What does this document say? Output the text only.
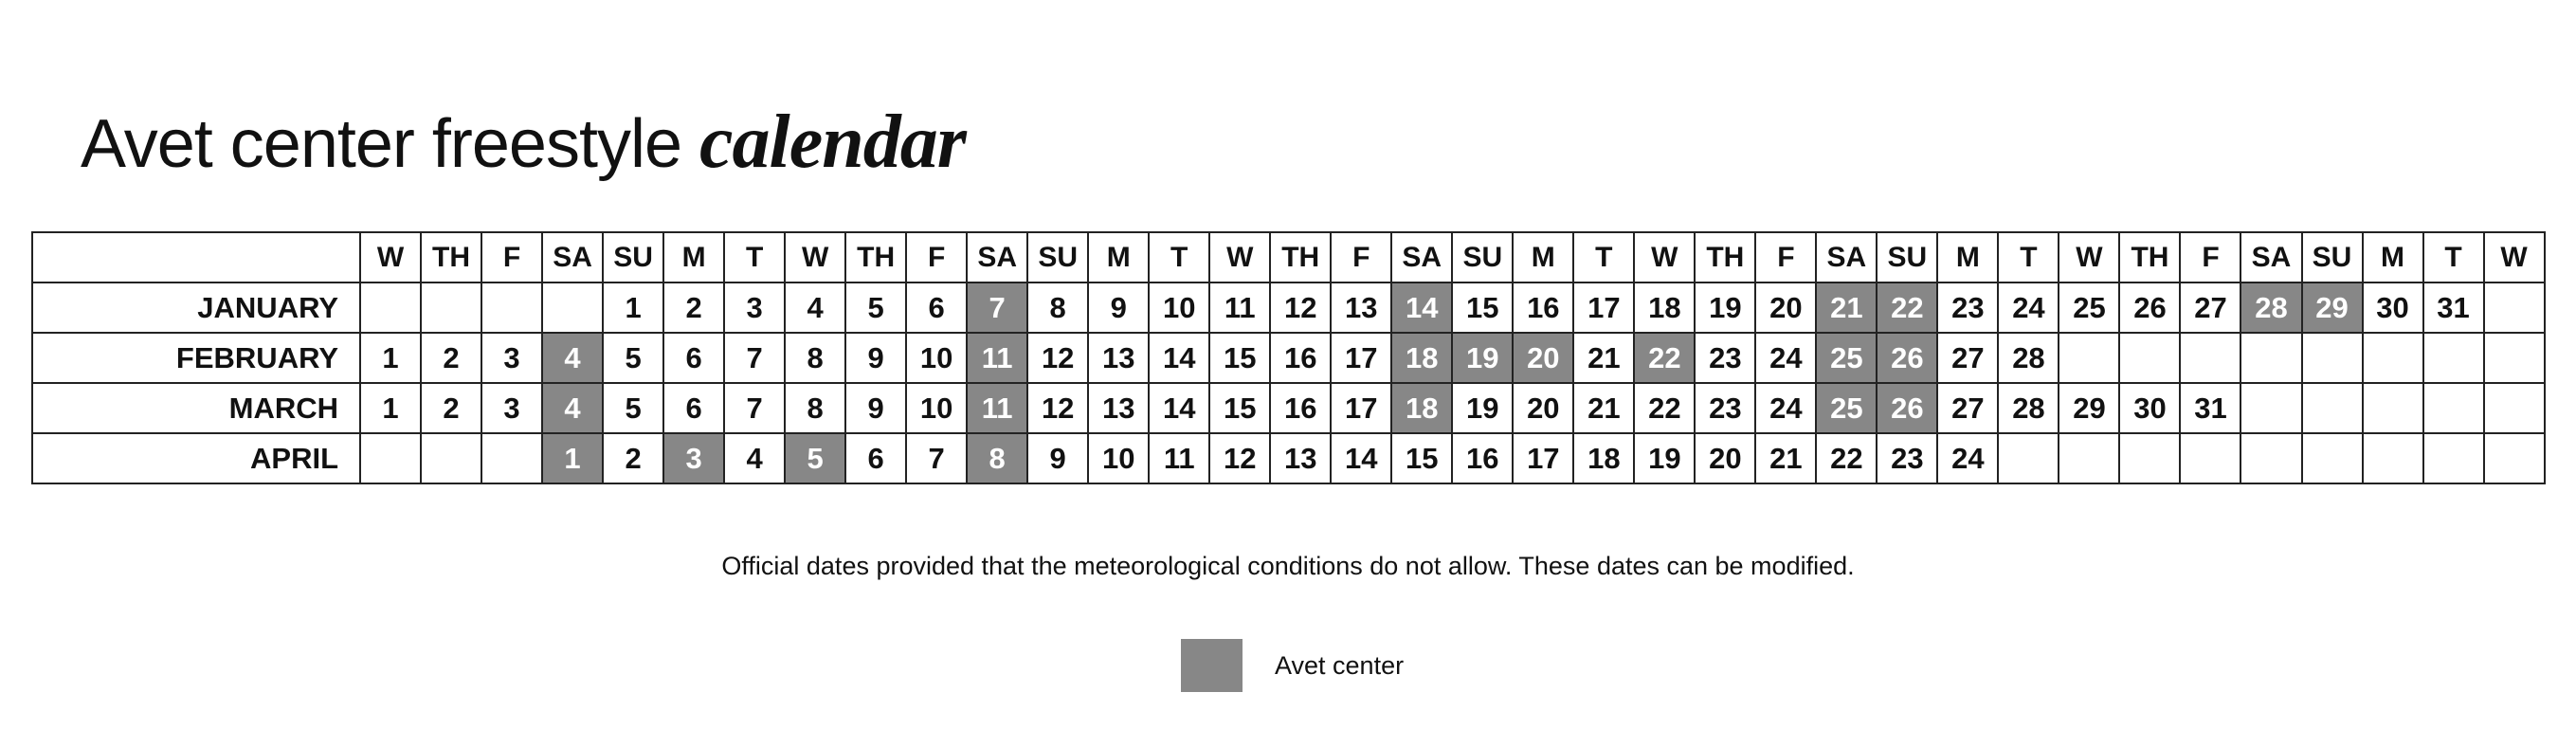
Avet center freestyle calendar
	W	TH	F	SA	SU	M	T	W	TH	F	SA	SU	M	T	W	TH	F	SA	SU	M	T	W	TH	F	SA	SU	M	T	W	TH	F	SA	SU	M	T	W
JANUARY					1	2	3	4	5	6	7	8	9	10	11	12	13	14	15	16	17	18	19	20	21	22	23	24	25	26	27	28	29	30	31	
FEBRUARY	1	2	3	4	5	6	7	8	9	10	11	12	13	14	15	16	17	18	19	20	21	22	23	24	25	26	27	28								
MARCH	1	2	3	4	5	6	7	8	9	10	11	12	13	14	15	16	17	18	19	20	21	22	23	24	25	26	27	28	29	30	31					
APRIL				1	2	3	4	5	6	7	8	9	10	11	12	13	14	15	16	17	18	19	20	21	22	23	24									

Official dates provided that the meteorological conditions do not allow. These dates can be modified.

Avet center
